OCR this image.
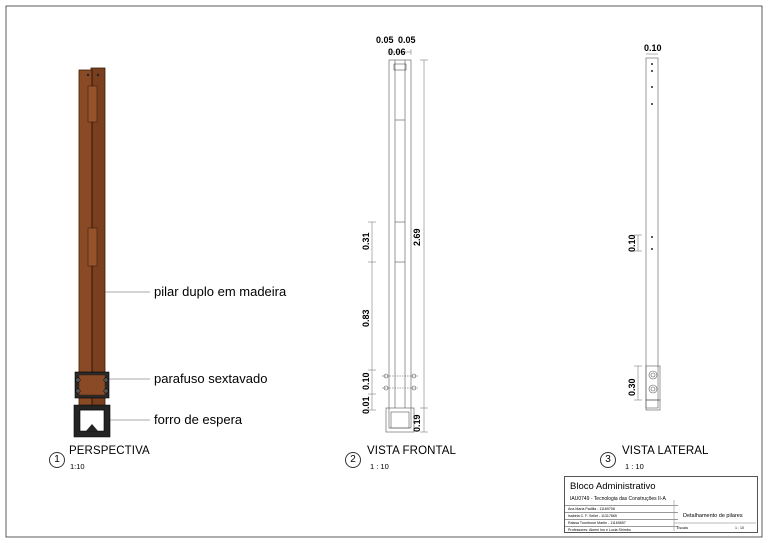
pilar duplo em madeira
parafuso sextavado
forro de espera
0.05 0.05
0.06
2.69
0.31
0.83
0.10
0.01
0.19
0.10
0.10
0.30
1
PERSPECTIVA
1:10
2
VISTA FRONTAL
1 : 10
3
VISTA LATERAL
1 : 10
Bloco Administrativo
IAU0749 - Tecnologia das Construções II-A
Ana Maria Padilla - 11169708
Isabela C. F. Sellet - 11317865
Raissa Trombone Martin - 11169657
Professores: Akemi Ino e Lucia Shimbo
Detalhamento de pilares
Escala	1 : 10
